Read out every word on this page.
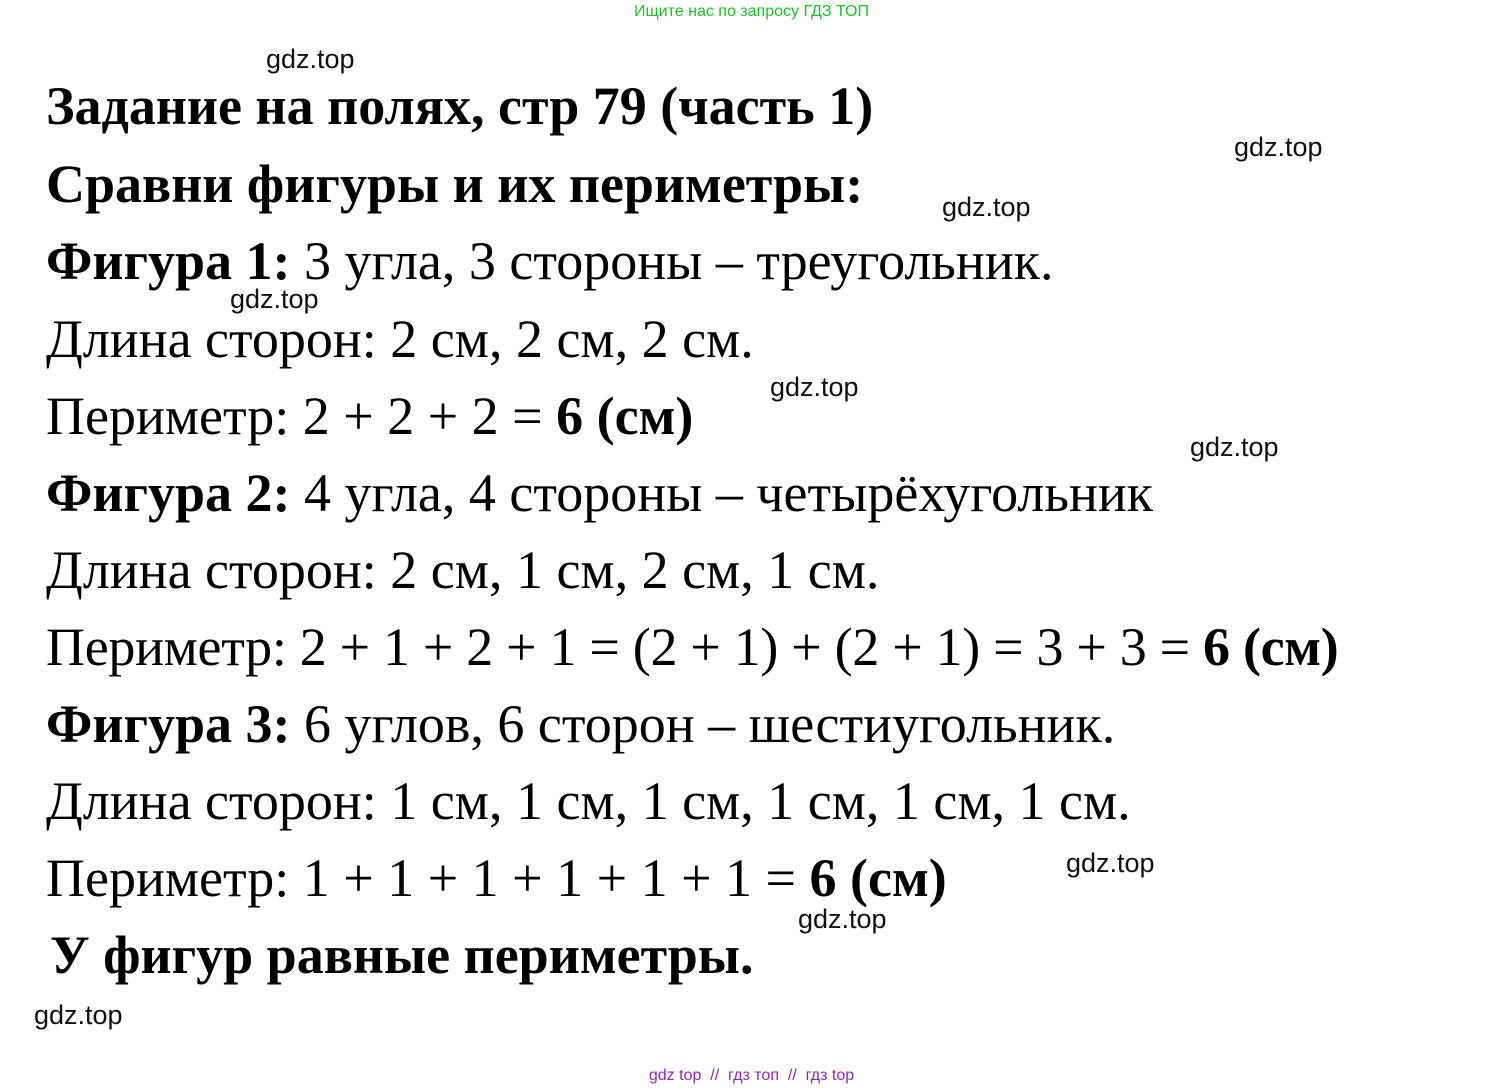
Ищите нас по запросу ГДЗ ТОП
gdz.top
gdz.top
gdz.top
gdz.top
gdz.top
gdz.top
gdz.top
gdz.top
gdz.top
Задание на полях, стр 79 (часть 1)
Сравни фигуры и их периметры:
Фигура 1: 3 угла, 3 стороны – треугольник.
Длина сторон: 2 см, 2 см, 2 см.
Периметр: 2 + 2 + 2 = 6 (см)
Фигура 2: 4 угла, 4 стороны – четырёхугольник
Длина сторон: 2 см, 1 см, 2 см, 1 см.
Периметр: 2 + 1 + 2 + 1 = (2 + 1) + (2 + 1) = 3 + 3 = 6 (см)
Фигура 3: 6 углов, 6 сторон – шестиугольник.
Длина сторон: 1 см, 1 см, 1 см, 1 см, 1 см, 1 см.
Периметр: 1 + 1 + 1 + 1 + 1 + 1 = 6 (см)
У фигур равные периметры.
gdz top  //  гдз топ  //  гдз top
